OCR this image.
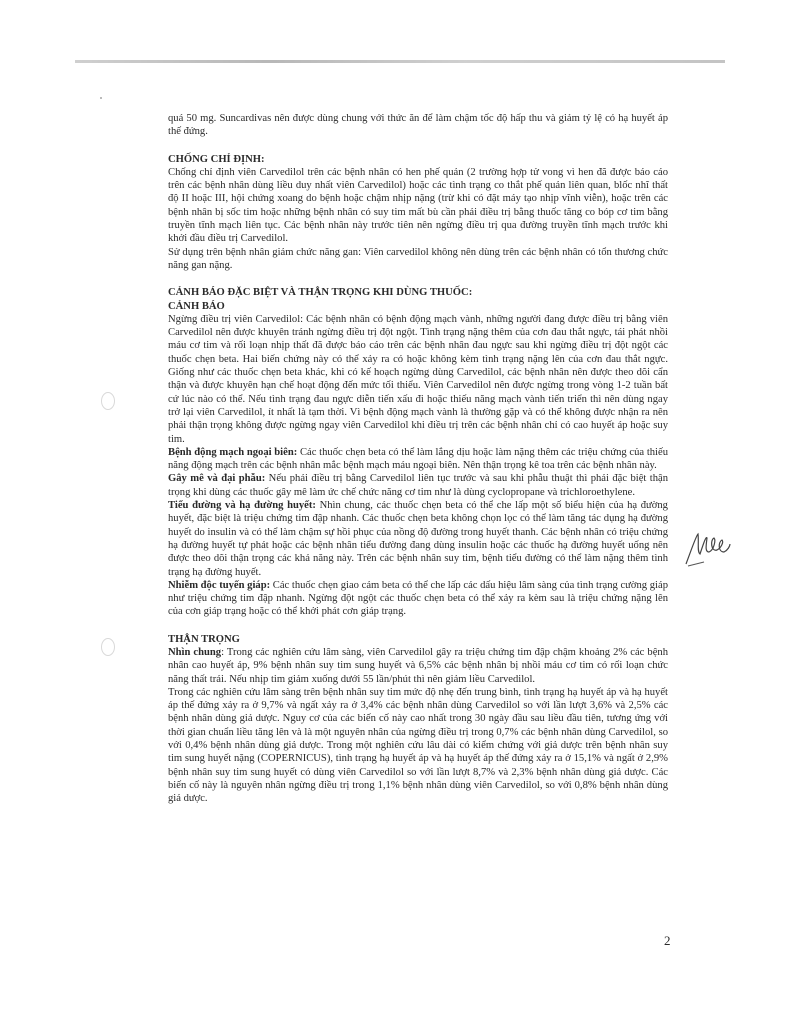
quá 50 mg. Suncardivas nên được dùng chung với thức ăn để làm chậm tốc độ hấp thu và giảm tỷ lệ có hạ huyết áp thế đứng.

CHỐNG CHỈ ĐỊNH:

Chống chỉ định viên Carvedilol trên các bệnh nhân có hen phế quản (2 trường hợp tử vong vì hen đã được báo cáo trên các bệnh nhân dùng liều duy nhất viên Carvedilol) hoặc các tình trạng co thắt phế quản liên quan, blốc nhĩ thất độ II hoặc III, hội chứng xoang do bệnh hoặc chậm nhịp nặng (trừ khi có đặt máy tạo nhịp vĩnh viễn), hoặc trên các bệnh nhân bị sốc tim hoặc những bệnh nhân có suy tim mất bù cần phải điều trị bằng thuốc tăng co bóp cơ tim bằng truyền tĩnh mạch liên tục. Các bệnh nhân này trước tiên nên ngừng điều trị qua đường truyền tĩnh mạch trước khi khởi đầu điều trị Carvedilol.

Sử dụng trên bệnh nhân giảm chức năng gan: Viên carvedilol không nên dùng trên các bệnh nhân có tổn thương chức năng gan nặng.

CẢNH BÁO ĐẶC BIỆT VÀ THẬN TRỌNG KHI DÙNG THUỐC:

CẢNH BÁO

Ngừng điều trị viên Carvedilol: Các bệnh nhân có bệnh động mạch vành, những người đang được điều trị bằng viên Carvedilol nên được khuyên tránh ngừng điều trị đột ngột. Tình trạng nặng thêm của cơn đau thắt ngực, tái phát nhồi máu cơ tim và rối loạn nhịp thất đã được báo cáo trên các bệnh nhân đau ngực sau khi ngừng điều trị đột ngột các thuốc chẹn beta. Hai biến chứng này có thể xảy ra có hoặc không kèm tình trạng nặng lên của cơn đau thắt ngực. Giống như các thuốc chẹn beta khác, khi có kế hoạch ngừng dùng Carvedilol, các bệnh nhân nên được theo dõi cẩn thận và được khuyên hạn chế hoạt động đến mức tối thiểu. Viên Carvedilol nên được ngừng trong vòng 1-2 tuần bất cứ lúc nào có thể. Nếu tình trạng đau ngực diễn tiến xấu đi hoặc thiếu năng mạch vành tiến triển thì nên dùng ngay trở lại viên Carvedilol, ít nhất là tạm thời. Vì bệnh động mạch vành là thường gặp và có thể không được nhận ra nên phải thận trọng không được ngừng ngay viên Carvedilol khi điều trị trên các bệnh nhân chỉ có cao huyết áp hoặc suy tim.

Bệnh động mạch ngoại biên: Các thuốc chẹn beta có thể làm lắng dịu hoặc làm nặng thêm các triệu chứng của thiếu năng động mạch trên các bệnh nhân mắc bệnh mạch máu ngoại biên. Nên thận trọng kê toa trên các bệnh nhân này.

Gây mê và đại phẫu: Nếu phải điều trị bằng Carvedilol liên tục trước và sau khi phẫu thuật thì phải đặc biệt thận trọng khi dùng các thuốc gây mê làm ức chế chức năng cơ tim như là dùng cyclopropane và trichloroethylene.

Tiểu đường và hạ đường huyết: Nhìn chung, các thuốc chẹn beta có thể che lấp một số biểu hiện của hạ đường huyết, đặc biệt là triệu chứng tim đập nhanh. Các thuốc chẹn beta không chọn lọc có thể làm tăng tác dụng hạ đường huyết do insulin và có thể làm chậm sự hồi phục của nồng độ đường trong huyết thanh. Các bệnh nhân có triệu chứng hạ đường huyết tự phát hoặc các bệnh nhân tiểu đường đang dùng insulin hoặc các thuốc hạ đường huyết uống nên được theo dõi thận trọng các khả năng này. Trên các bệnh nhân suy tim, bệnh tiểu đường có thể làm nặng thêm tình trạng hạ đường huyết.

Nhiễm độc tuyến giáp: Các thuốc chẹn giao cảm beta có thể che lấp các dấu hiệu lâm sàng của tình trạng cường giáp như triệu chứng tim đập nhanh. Ngừng đột ngột các thuốc chẹn beta có thể xảy ra kèm sau là triệu chứng nặng lên của cơn giáp trạng hoặc có thể khởi phát cơn giáp trạng.

THẬN TRỌNG

Nhìn chung: Trong các nghiên cứu lâm sàng, viên Carvedilol gây ra triệu chứng tim đập chậm khoảng 2% các bệnh nhân cao huyết áp, 9% bệnh nhân suy tim sung huyết và 6,5% các bệnh nhân bị nhồi máu cơ tim có rối loạn chức năng thất trái. Nếu nhịp tim giảm xuống dưới 55 lần/phút thì nên giảm liều Carvedilol.

Trong các nghiên cứu lâm sàng trên bệnh nhân suy tim mức độ nhẹ đến trung bình, tình trạng hạ huyết áp và hạ huyết áp thế đứng xảy ra ở 9,7% và ngất xảy ra ở 3,4% các bệnh nhân dùng Carvedilol so với lần lượt 3,6% và 2,5% các bệnh nhân dùng giả dược. Nguy cơ của các biến cố này cao nhất trong 30 ngày đầu sau liều đầu tiên, tương ứng với thời gian chuẩn liều tăng lên và là một nguyên nhân của ngừng điều trị trong 0,7% các bệnh nhân dùng Carvedilol, so với 0,4% bệnh nhân dùng giả dược. Trong một nghiên cứu lâu dài có kiểm chứng với giả dược trên bệnh nhân suy tim sung huyết nặng (COPERNICUS), tình trạng hạ huyết áp và hạ huyết áp thế đứng xảy ra ở 15,1% và ngất ở 2,9% bệnh nhân suy tim sung huyết có dùng viên Carvedilol so với lần lượt 8,7% và 2,3% bệnh nhân dùng giả dược. Các biến cố này là nguyên nhân ngừng điều trị trong 1,1% bệnh nhân dùng viên Carvedilol, so với 0,8% bệnh nhân dùng giả dược.

2
